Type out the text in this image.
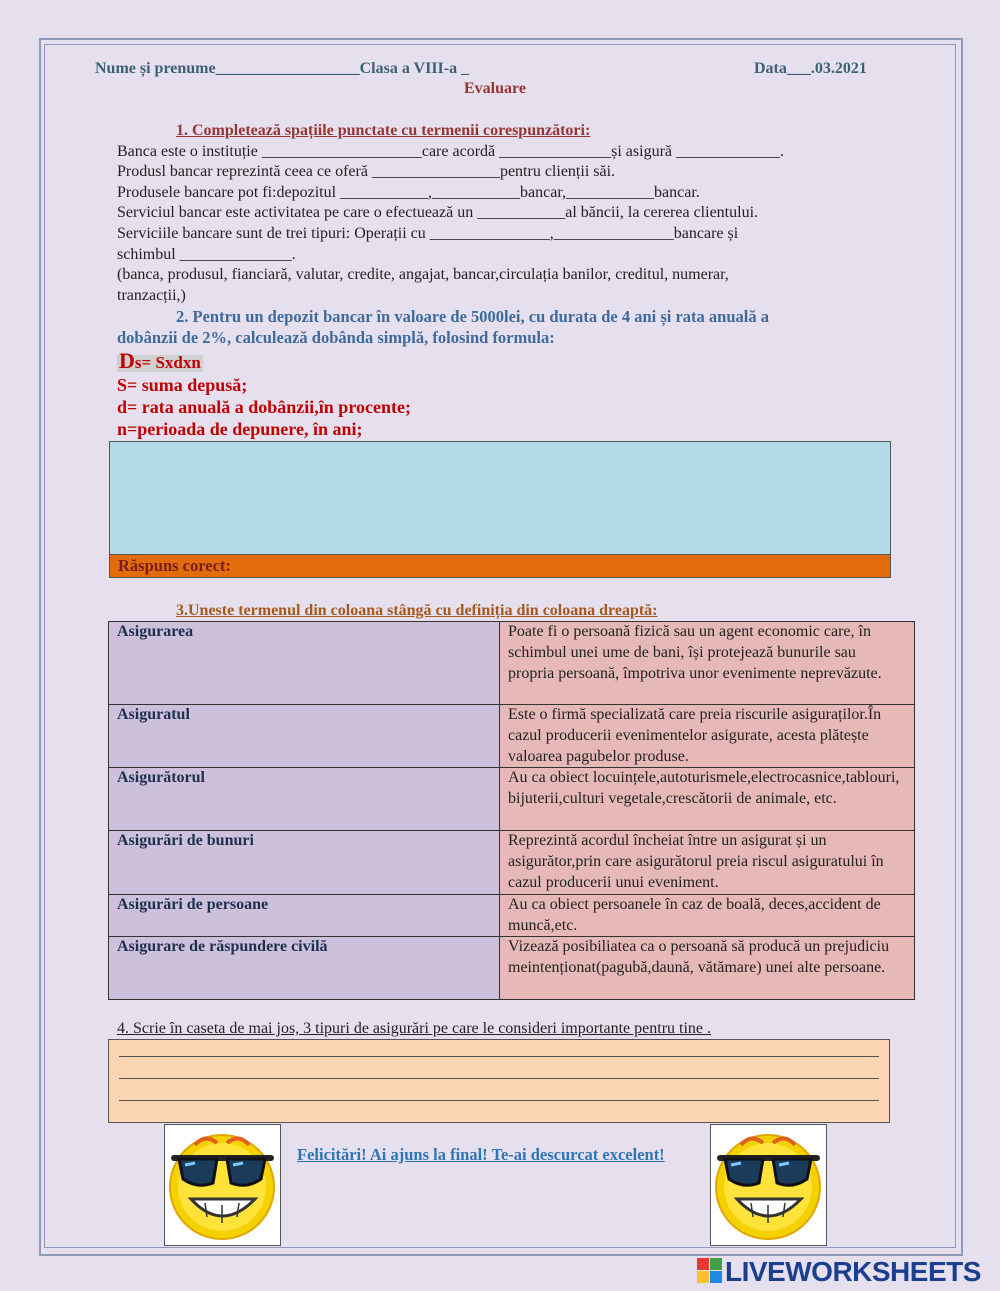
Nume și prenume__________________Clasa a VIII-a _	Data___.03.2021
Evaluare
1. Completează spațiile punctate cu termenii corespunzători:
Banca este o instituție ____________________care acordă ______________și asigură _____________.
Produsl bancar reprezintă ceea ce oferă ________________pentru clienții săi.
Produsele bancare pot fi:depozitul ___________,___________bancar,___________bancar.
Serviciul bancar este activitatea pe care o efectuează un ___________al băncii, la cererea clientului.
Serviciile bancare sunt de trei tipuri: Operații cu _______________,_______________bancare și
schimbul ______________.
(banca, produsul, fianciară, valutar, credite, angajat, bancar,circulația banilor, creditul, numerar,
tranzacții,)
2. Pentru un depozit bancar în valoare de 5000lei, cu durata de 4 ani și rata anuală a
dobânzii de 2%, calculează dobânda simplă, folosind formula:
Ds= Sxdxn
S= suma depusă;
d= rata anuală a dobânzii,în procente;
n=perioada de depunere, în ani;
Răspuns corect:
3.Uneste termenul din coloana stângă cu definiția din coloana dreaptă:
Asigurarea	Poate fi o persoană fizică sau un agent economic care, în schimbul unei ume de bani, își protejează bunurile sau propria persoană, împotriva unor evenimente neprevăzute.
Asiguratul	Este o firmă specializată care preia riscurile asiguraților.În cazul producerii evenimentelor asigurate, acesta plătește valoarea pagubelor produse.
Asigurătorul	Au ca obiect locuințele,autoturismele,electrocasnice,tablouri, bijuterii,culturi vegetale,crescătorii de animale, etc.
Asigurări de bunuri	Reprezintă acordul încheiat între un asigurat și un asigurător,prin care asigurătorul preia riscul asiguratului în cazul producerii unui eveniment.
Asigurări de persoane	Au ca obiect persoanele în caz de boală, deces,accident de muncă,etc.
Asigurare de răspundere civilă	Vizează posibiliatea ca o persoană să producă un prejudiciu meintenționat(pagubă,daună, vătămare) unei alte persoane.
4. Scrie în caseta de mai jos, 3 tipuri de asigurări pe care le consideri importante pentru tine .
Felicitări! Ai ajuns la final! Te-ai descurcat excelent!
LIVEWORKSHEETS
